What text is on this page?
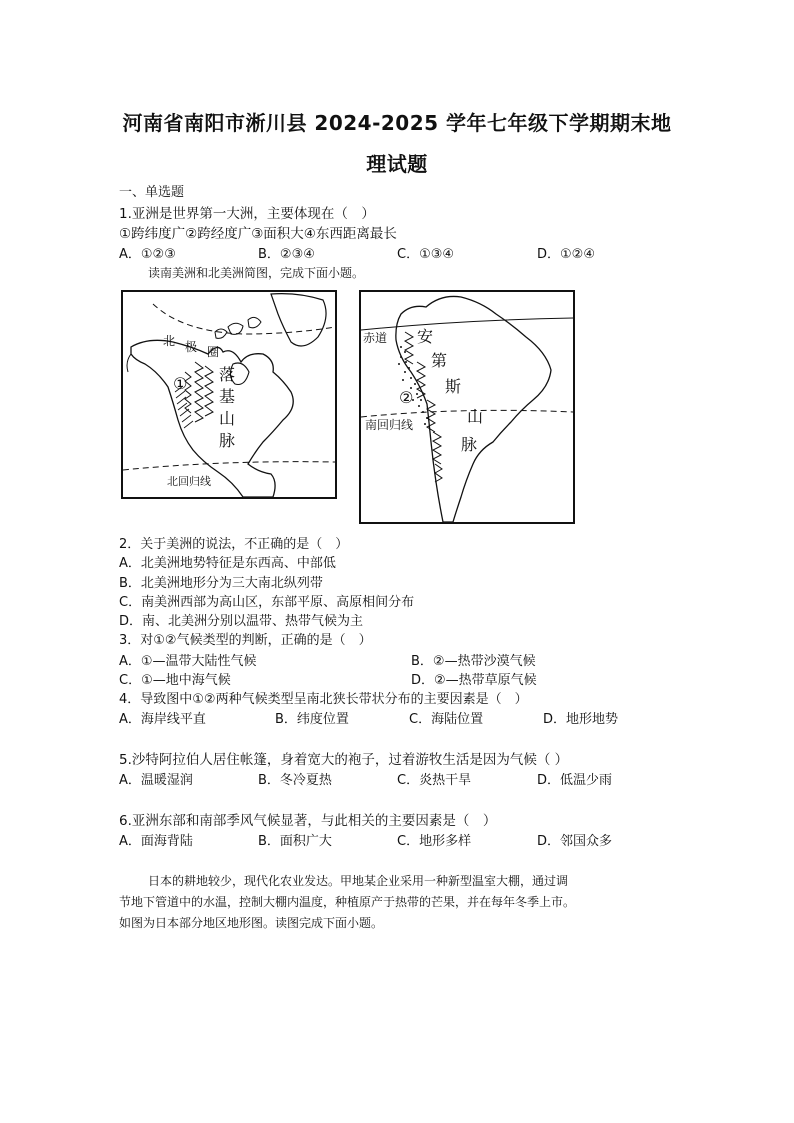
河南省南阳市淅川县 2024-2025 学年七年级下学期期末地
理试题
一、单选题
1.亚洲是世界第一大洲，主要体现在（　）
①跨纬度广②跨经度广③面积大④东西距离最长
A．①②③	B．②③④	C．①③④	D．①②④
读南美洲和北美洲简图，完成下面小题。
北 极 圈
① 落
基
山
脉
北回归线
赤道 安
第
斯
山
脉
②
南回归线
2．关于美洲的说法，不正确的是（　）
A．北美洲地势特征是东西高、中部低
B．北美洲地形分为三大南北纵列带
C．南美洲西部为高山区，东部平原、高原相间分布
D．南、北美洲分别以温带、热带气候为主
3．对①②气候类型的判断，正确的是（　）
A．①—温带大陆性气候	B．②—热带沙漠气候
C．①—地中海气候	D．②—热带草原气候
4．导致图中①②两种气候类型呈南北狭长带状分布的主要因素是（　）
A．海岸线平直	B．纬度位置	C．海陆位置	D．地形地势
5.沙特阿拉伯人居住帐篷，身着宽大的袍子，过着游牧生活是因为气候（ ）
A．温暖湿润	B．冬冷夏热	C．炎热干旱	D．低温少雨
6.亚洲东部和南部季风气候显著，与此相关的主要因素是（　）
A．面海背陆	B．面积广大	C．地形多样	D．邻国众多
日本的耕地较少，现代化农业发达。甲地某企业采用一种新型温室大棚，通过调
节地下管道中的水温，控制大棚内温度，种植原产于热带的芒果，并在每年冬季上市。
如图为日本部分地区地形图。读图完成下面小题。
